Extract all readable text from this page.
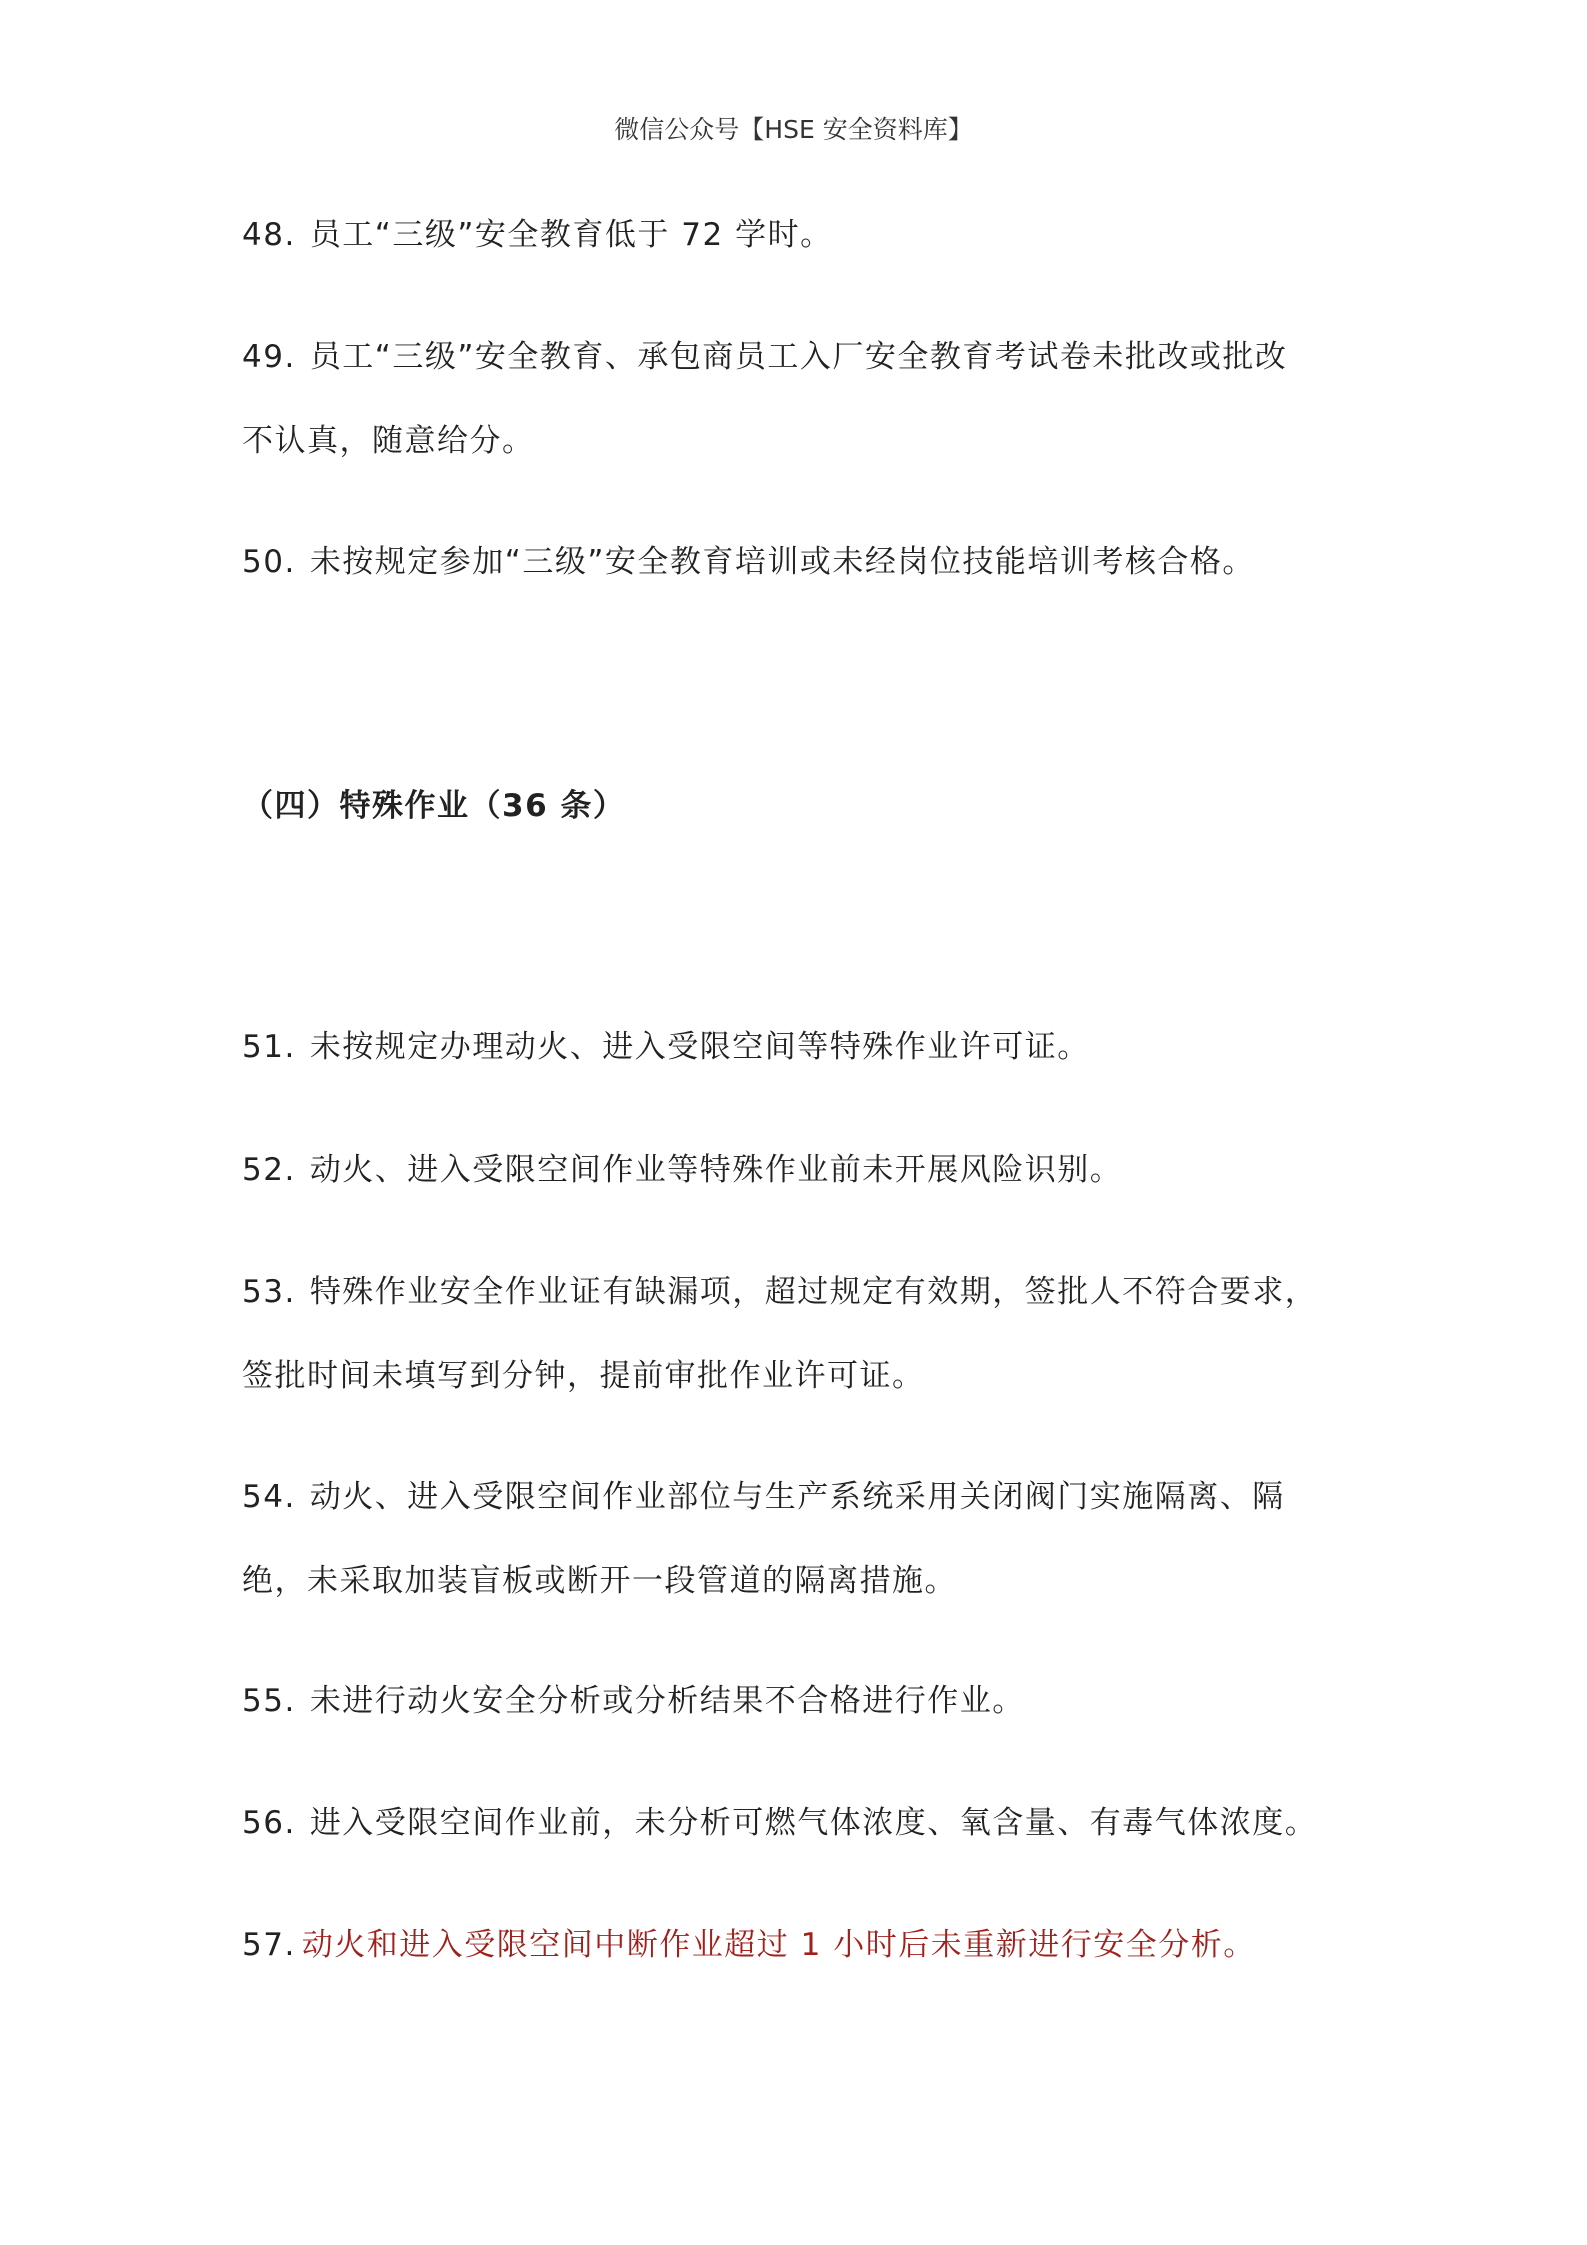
微信公众号【HSE 安全资料库】
48. 员工“三级”安全教育低于 72 学时。
49. 员工“三级”安全教育、承包商员工入厂安全教育考试卷未批改或批改
不认真，随意给分。
50. 未按规定参加“三级”安全教育培训或未经岗位技能培训考核合格。
（四）特殊作业（36 条）
51. 未按规定办理动火、进入受限空间等特殊作业许可证。
52. 动火、进入受限空间作业等特殊作业前未开展风险识别。
53. 特殊作业安全作业证有缺漏项，超过规定有效期，签批人不符合要求，
签批时间未填写到分钟，提前审批作业许可证。
54. 动火、进入受限空间作业部位与生产系统采用关闭阀门实施隔离、隔
绝，未采取加装盲板或断开一段管道的隔离措施。
55. 未进行动火安全分析或分析结果不合格进行作业。
56. 进入受限空间作业前，未分析可燃气体浓度、氧含量、有毒气体浓度。
57. 动火和进入受限空间中断作业超过 1 小时后未重新进行安全分析。
